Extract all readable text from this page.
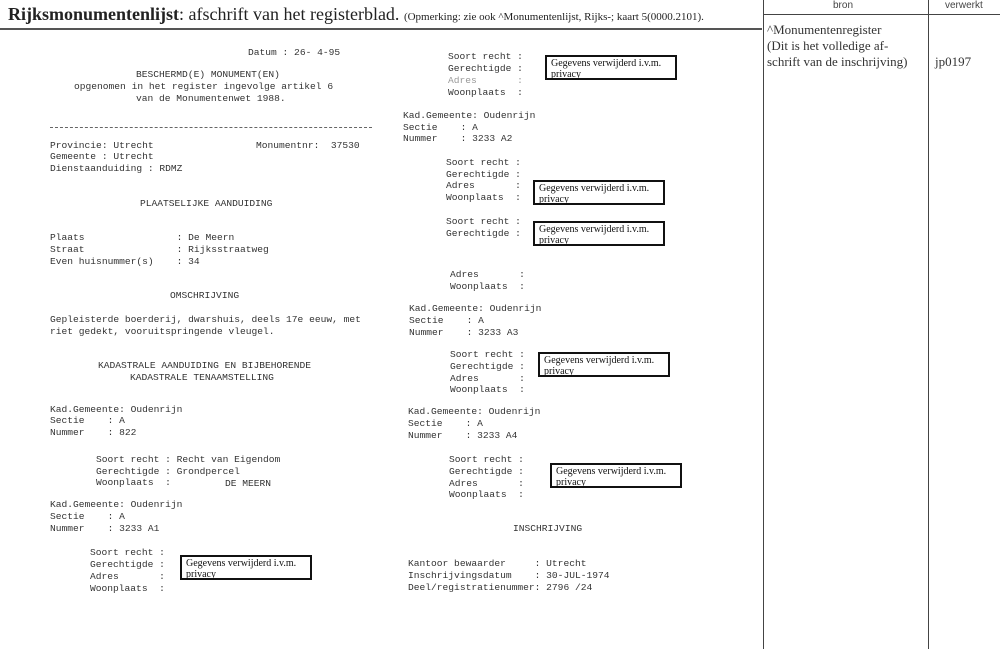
Rijksmonumentenlijst: afschrift van het registerblad. (Opmerking: zie ook ^Monumentenlijst, Rijks-; kaart 5(0000.2101).
bron	verwerkt
^Monumentenregister
(Dit is het volledige af-
schrift van de inschrijving) jp0197
Datum : 26- 4-95
BESCHERMD(E) MONUMENT(EN)
opgenomen in het register ingevolge artikel 6
van de Monumentenwet 1988.
Provincie: Utrecht	Monumentnr:  37530
Gemeente : Utrecht
Dienstaanduiding : RDMZ
PLAATSELIJKE AANDUIDING
Plaats                : De Meern
Straat                : Rijksstraatweg
Even huisnummer(s)    : 34
OMSCHRIJVING
Gepleisterde boerderij, dwarshuis, deels 17e eeuw, met
riet gedekt, vooruitspringende vleugel.
KADASTRALE AANDUIDING EN BIJBEHORENDE
KADASTRALE TENAAMSTELLING
Kad.Gemeente: Oudenrijn
Sectie    : A
Nummer    : 822
Soort recht : Recht van Eigendom
Gerechtigde : Grondpercel
Woonplaats  :	DE MEERN
Kad.Gemeente: Oudenrijn
Sectie    : A
Nummer    : 3233 A1
Soort recht :
Gerechtigde :
Adres       :
Woonplaats  :
Gegevens verwijderd i.v.m.
privacy
Soort recht :
Gerechtigde :
Adres       :
Woonplaats  :
Gegevens verwijderd i.v.m.
privacy
Kad.Gemeente: Oudenrijn
Sectie    : A
Nummer    : 3233 A2
Soort recht :
Gerechtigde :
Adres       :
Woonplaats  :
Gegevens verwijderd i.v.m.
privacy
Soort recht :
Gerechtigde : Gegevens verwijderd i.v.m.
privacy
Adres       :
Woonplaats  :
Kad.Gemeente: Oudenrijn
Sectie    : A
Nummer    : 3233 A3
Soort recht :
Gerechtigde :
Adres       :
Woonplaats  :
Gegevens verwijderd i.v.m.
privacy
Kad.Gemeente: Oudenrijn
Sectie    : A
Nummer    : 3233 A4
Soort recht :
Gerechtigde :
Adres       :
Woonplaats  :
Gegevens verwijderd i.v.m.
privacy
INSCHRIJVING
Kantoor bewaarder     : Utrecht
Inschrijvingsdatum    : 30-JUL-1974
Deel/registratienummer: 2796 /24
